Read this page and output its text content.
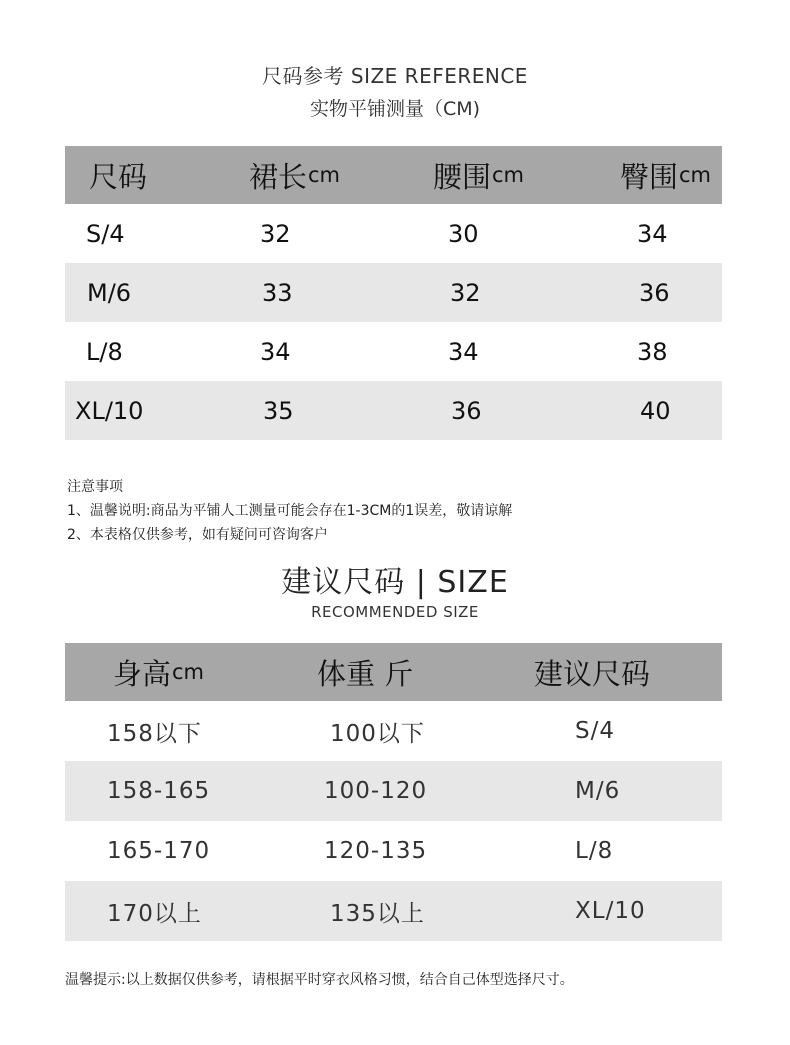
尺码参考 SIZE REFERENCE
实物平铺测量（CM)
尺码	裙长 cm	腰围 cm	臀围 cm
S/4	32	30	34
M/6	33	32	36
L/8	34	34	38
XL/10	35	36	40
注意事项
1、温馨说明:商品为平铺人工测量可能会存在1-3CM的1误差，敬请谅解
2、本表格仅供参考，如有疑问可咨询客户
建议尺码 | SIZE
RECOMMENDED SIZE
身高 cm	体重 斤	建议尺码
158以下	100以下	S/4
158-165	100-120	M/6
165-170	120-135	L/8
170以上	135以上	XL/10
温馨提示:以上数据仅供参考，请根据平时穿衣风格习惯，结合自己体型选择尺寸。
